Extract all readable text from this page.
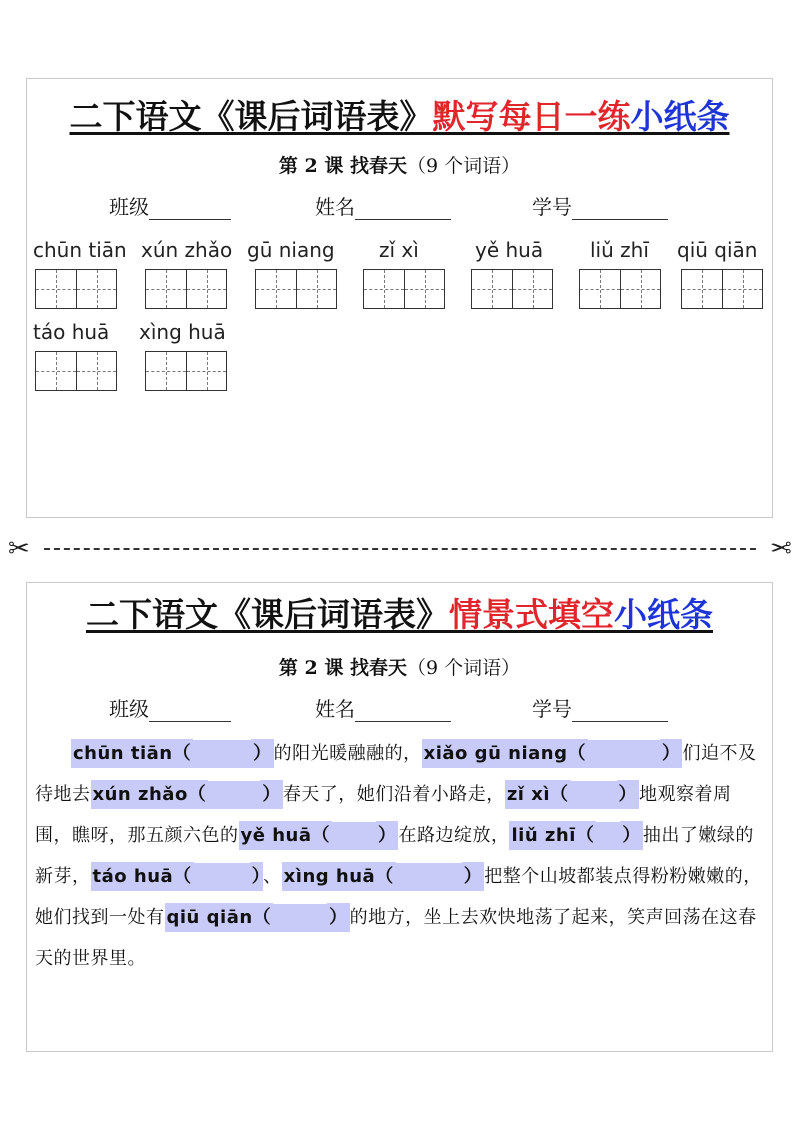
二下语文《课后词语表》默写每日一练小纸条
第 2 课 找春天（9 个词语）
班级	姓名	学号
chūn tiān xún zhǎo gū niang zǐ xì	yě huā liǔ zhī qiū qiān
táo huā xìng huā
✂	✂
二下语文《课后词语表》情景式填空小纸条
第 2 课 找春天（9 个词语）
班级	姓名	学号
chūn tiān（	） 的阳光暖融融的， xiǎo gū niang（	） 们迫不及待地去 xún zhǎo（	） 春天了，她们沿着小路走， zǐ xì（	） 地观察着周围，瞧呀，那五颜六色的 yě huā（	） 在路边绽放， liǔ zhī（ ） 抽出了嫩绿的新芽， táo huā（	） 、 xìng huā（	） 把整个山坡都装点得粉粉嫩嫩的，她们找到一处有 qiū qiān（	） 的地方，坐上去欢快地荡了起来，笑声回荡在这春天的世界里。
